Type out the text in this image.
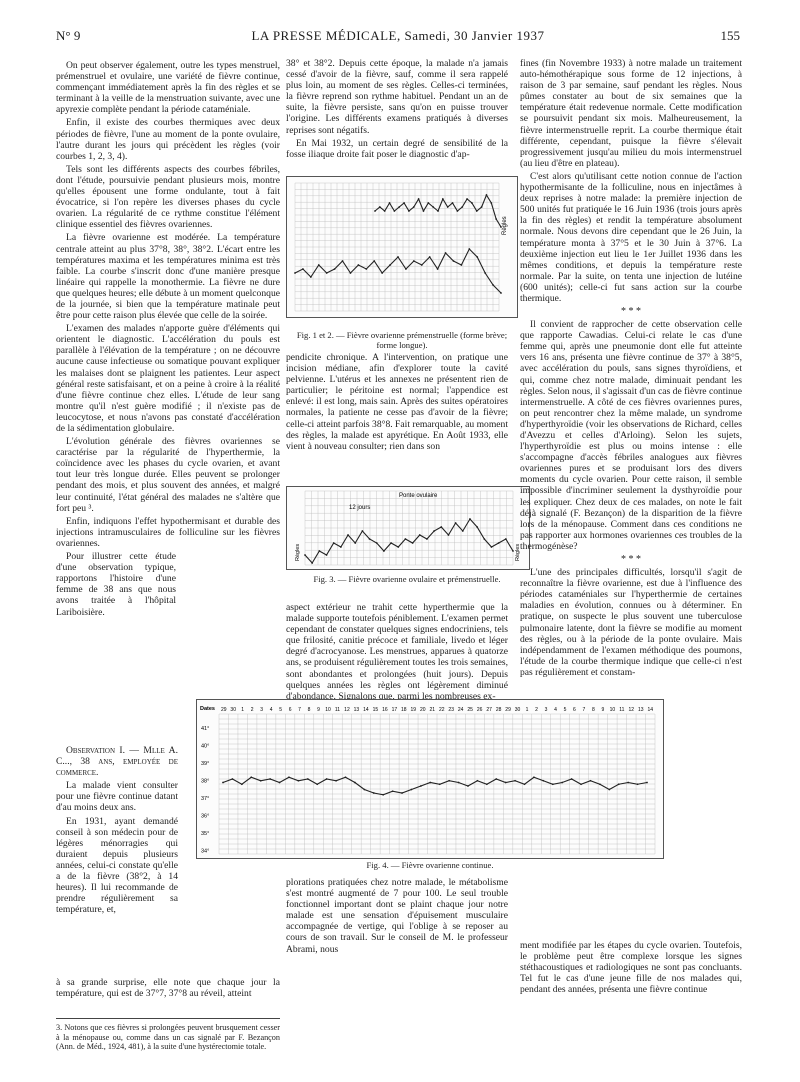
N° 9	LA PRESSE MÉDICALE, Samedi, 30 Janvier 1937	155

On peut observer également, outre les types menstruel, prémenstruel et ovulaire, une variété de fièvre continue, commençant immédiatement après la fin des règles et se terminant à la veille de la menstruation suivante, avec une apyrexie complète pendant la période cataméniale.

Enfin, il existe des courbes thermiques avec deux périodes de fièvre, l'une au moment de la ponte ovulaire, l'autre durant les jours qui précèdent les règles (voir courbes 1, 2, 3, 4).

Tels sont les différents aspects des courbes fébriles, dont l'étude, poursuivie pendant plusieurs mois, montre qu'elles épousent une forme ondulante, tout à fait évocatrice, si l'on repère les diverses phases du cycle ovarien. La régularité de ce rythme constitue l'élément clinique essentiel des fièvres ovariennes.

La fièvre ovarienne est modérée. La température centrale atteint au plus 37°8, 38°, 38°2. L'écart entre les températures maxima et les températures minima est très faible. La courbe s'inscrit donc d'une manière presque linéaire qui rappelle la monothermie. La fièvre ne dure que quelques heures; elle débute à un moment quelconque de la journée, si bien que la température matinale peut être pour cette raison plus élevée que celle de la soirée.

L'examen des malades n'apporte guère d'éléments qui orientent le diagnostic. L'accélération du pouls est parallèle à l'élévation de la température ; on ne découvre aucune cause infectieuse ou somatique pouvant expliquer les malaises dont se plaignent les patientes. Leur aspect général reste satisfaisant, et on a peine à croire à la réalité d'une fièvre continue chez elles. L'étude de leur sang montre qu'il n'est guère modifié ; il n'existe pas de leucocytose, et nous n'avons pas constaté d'accélération de la sédimentation globulaire.

L'évolution générale des fièvres ovariennes se caractérise par la régularité de l'hyperthermie, la coïncidence avec les phases du cycle ovarien, et avant tout leur très longue durée. Elles peuvent se prolonger pendant des mois, et plus souvent des années, et malgré leur continuité, l'état général des malades ne s'altère que fort peu ³.

Enfin, indiquons l'effet hypothermisant et durable des injections intramusculaires de folliculine sur les fièvres ovariennes.

Pour illustrer cette étude d'une observation typique, rapportons l'histoire d'une femme de 38 ans que nous avons traitée à l'hôpital Lariboisière.

Observation I. — Mlle A. C..., 38 ans, employée de commerce.

La malade vient consulter pour une fièvre continue datant d'au moins deux ans.

En 1931, ayant demandé conseil à son médecin pour de légères ménorragies qui duraient depuis plusieurs années, celui-ci constate qu'elle a de la fièvre (38°2, à 14 heures). Il lui recommande de prendre régulièrement sa température, et,

à sa grande surprise, elle note que chaque jour la température, qui est de 37°7, 37°8 au réveil, atteint
3. Notons que ces fièvres si prolongées peuvent brusquement cesser à la ménopause ou, comme dans un cas signalé par F. Bezançon (Ann. de Méd., 1924, 481), à la suite d'une hystérectomie totale.

38° et 38°2. Depuis cette époque, la malade n'a jamais cessé d'avoir de la fièvre, sauf, comme il sera rappelé plus loin, au moment de ses règles. Celles-ci terminées, la fièvre reprend son rythme habituel. Pendant un an de suite, la fièvre persiste, sans qu'on en puisse trouver l'origine. Les différents examens pratiqués à diverses reprises sont négatifs.

En Mai 1932, un certain degré de sensibilité de la fosse iliaque droite fait poser le diagnostic d'ap-

Règles
Fig. 1 et 2. — Fièvre ovarienne prémenstruelle (forme brève; forme longue).

pendicite chronique. A l'intervention, on pratique une incision médiane, afin d'explorer toute la cavité pelvienne. L'utérus et les annexes ne présentent rien de particulier; le péritoine est normal; l'appendice est enlevé: il est long, mais sain. Après des suites opératoires normales, la patiente ne cesse pas d'avoir de la fièvre; celle-ci atteint parfois 38°8. Fait remarquable, au moment des règles, la malade est apyrétique. En Août 1933, elle vient à nouveau consulter; rien dans son

Ponte ovulaire
12 jours
Règles	Règles
Fig. 3. — Fièvre ovarienne ovulaire et prémenstruelle.

aspect extérieur ne trahit cette hyperthermie que la malade supporte toutefois péniblement. L'examen permet cependant de constater quelques signes endocriniens, tels que frilosité, canitie précoce et familiale, livedo et léger degré d'acrocyanose. Les menstrues, apparues à quatorze ans, se produisent régulièrement toutes les trois semaines, sont abondantes et prolongées (huit jours). Depuis quelques années les règles ont légèrement diminué d'abondance. Signalons que, parmi les nombreuses ex-

Dates 29 30 1 2 3 4 5 6 7 8 9 10 11 12 13 14 15 16 17 18 19 20 21 22 23 24 25 26 27 28 29 30 1 2 3 4 5 6 7 8 9 10 11 12 13 14
41°
40°
39°
38°
37°
36°
35°
34°
Fig. 4. — Fièvre ovarienne continue.

plorations pratiquées chez notre malade, le métabolisme s'est montré augmenté de 7 pour 100. Le seul trouble fonctionnel important dont se plaint chaque jour notre malade est une sensation d'épuisement musculaire accompagnée de vertige, qui l'oblige à se reposer au cours de son travail. Sur le conseil de M. le professeur Abrami, nous

fines (fin Novembre 1933) à notre malade un traitement auto-hémothérapique sous forme de 12 injections, à raison de 3 par semaine, sauf pendant les règles. Nous pûmes constater au bout de six semaines que la température était redevenue normale. Cette modification se poursuivit pendant six mois. Malheureusement, la fièvre intermenstruelle reprit. La courbe thermique était différente, cependant, puisque la fièvre s'élevait progressivement jusqu'au milieu du mois intermenstruel (au lieu d'être en plateau).

C'est alors qu'utilisant cette notion connue de l'action hypothermisante de la folliculine, nous en injectâmes à deux reprises à notre malade: la première injection de 500 unités fut pratiquée le 16 Juin 1936 (trois jours après la fin des règles) et rendit la température absolument normale. Nous devons dire cependant que le 26 Juin, la température monta à 37°5 et le 30 Juin à 37°6. La deuxième injection eut lieu le 1er Juillet 1936 dans les mêmes conditions, et depuis la température reste normale. Par la suite, on tenta une injection de lutéine (600 unités); celle-ci fut sans action sur la courbe thermique.

* * *

Il convient de rapprocher de cette observation celle que rapporte Cawadias. Celui-ci relate le cas d'une femme qui, après une pneumonie dont elle fut atteinte vers 16 ans, présenta une fièvre continue de 37° à 38°5, avec accélération du pouls, sans signes thyroïdiens, et qui, comme chez notre malade, diminuait pendant les règles. Selon nous, il s'agissait d'un cas de fièvre continue intermenstruelle. A côté de ces fièvres ovariennes pures, on peut rencontrer chez la même malade, un syndrome d'hyperthyroïdie (voir les observations de Richard, celles d'Avezzu et celles d'Arloing). Selon les sujets, l'hyperthyroïdie est plus ou moins intense : elle s'accompagne d'accès fébriles analogues aux fièvres ovariennes pures et se produisant lors des divers moments du cycle ovarien. Pour cette raison, il semble impossible d'incriminer seulement la dysthyroïdie pour les expliquer. Chez deux de ces malades, on note le fait déjà signalé (F. Bezançon) de la disparition de la fièvre lors de la ménopause. Comment dans ces conditions ne pas rapporter aux hormones ovariennes ces troubles de la thermogénèse?

* * *

L'une des principales difficultés, lorsqu'il s'agit de reconnaître la fièvre ovarienne, est due à l'influence des périodes cataméniales sur l'hyperthermie de certaines maladies en évolution, connues ou à déterminer. En pratique, on suspecte le plus souvent une tuberculose pulmonaire latente, dont la fièvre se modifie au moment des règles, ou à la période de la ponte ovulaire. Mais indépendamment de l'examen méthodique des poumons, l'étude de la courbe thermique indique que celle-ci n'est pas régulièrement et constam-

ment modifiée par les étapes du cycle ovarien. Toutefois, le problème peut être complexe lorsque les signes stéthacoustiques et radiologiques ne sont pas concluants. Tel fut le cas d'une jeune fille de nos malades qui, pendant des années, présenta une fièvre continue
